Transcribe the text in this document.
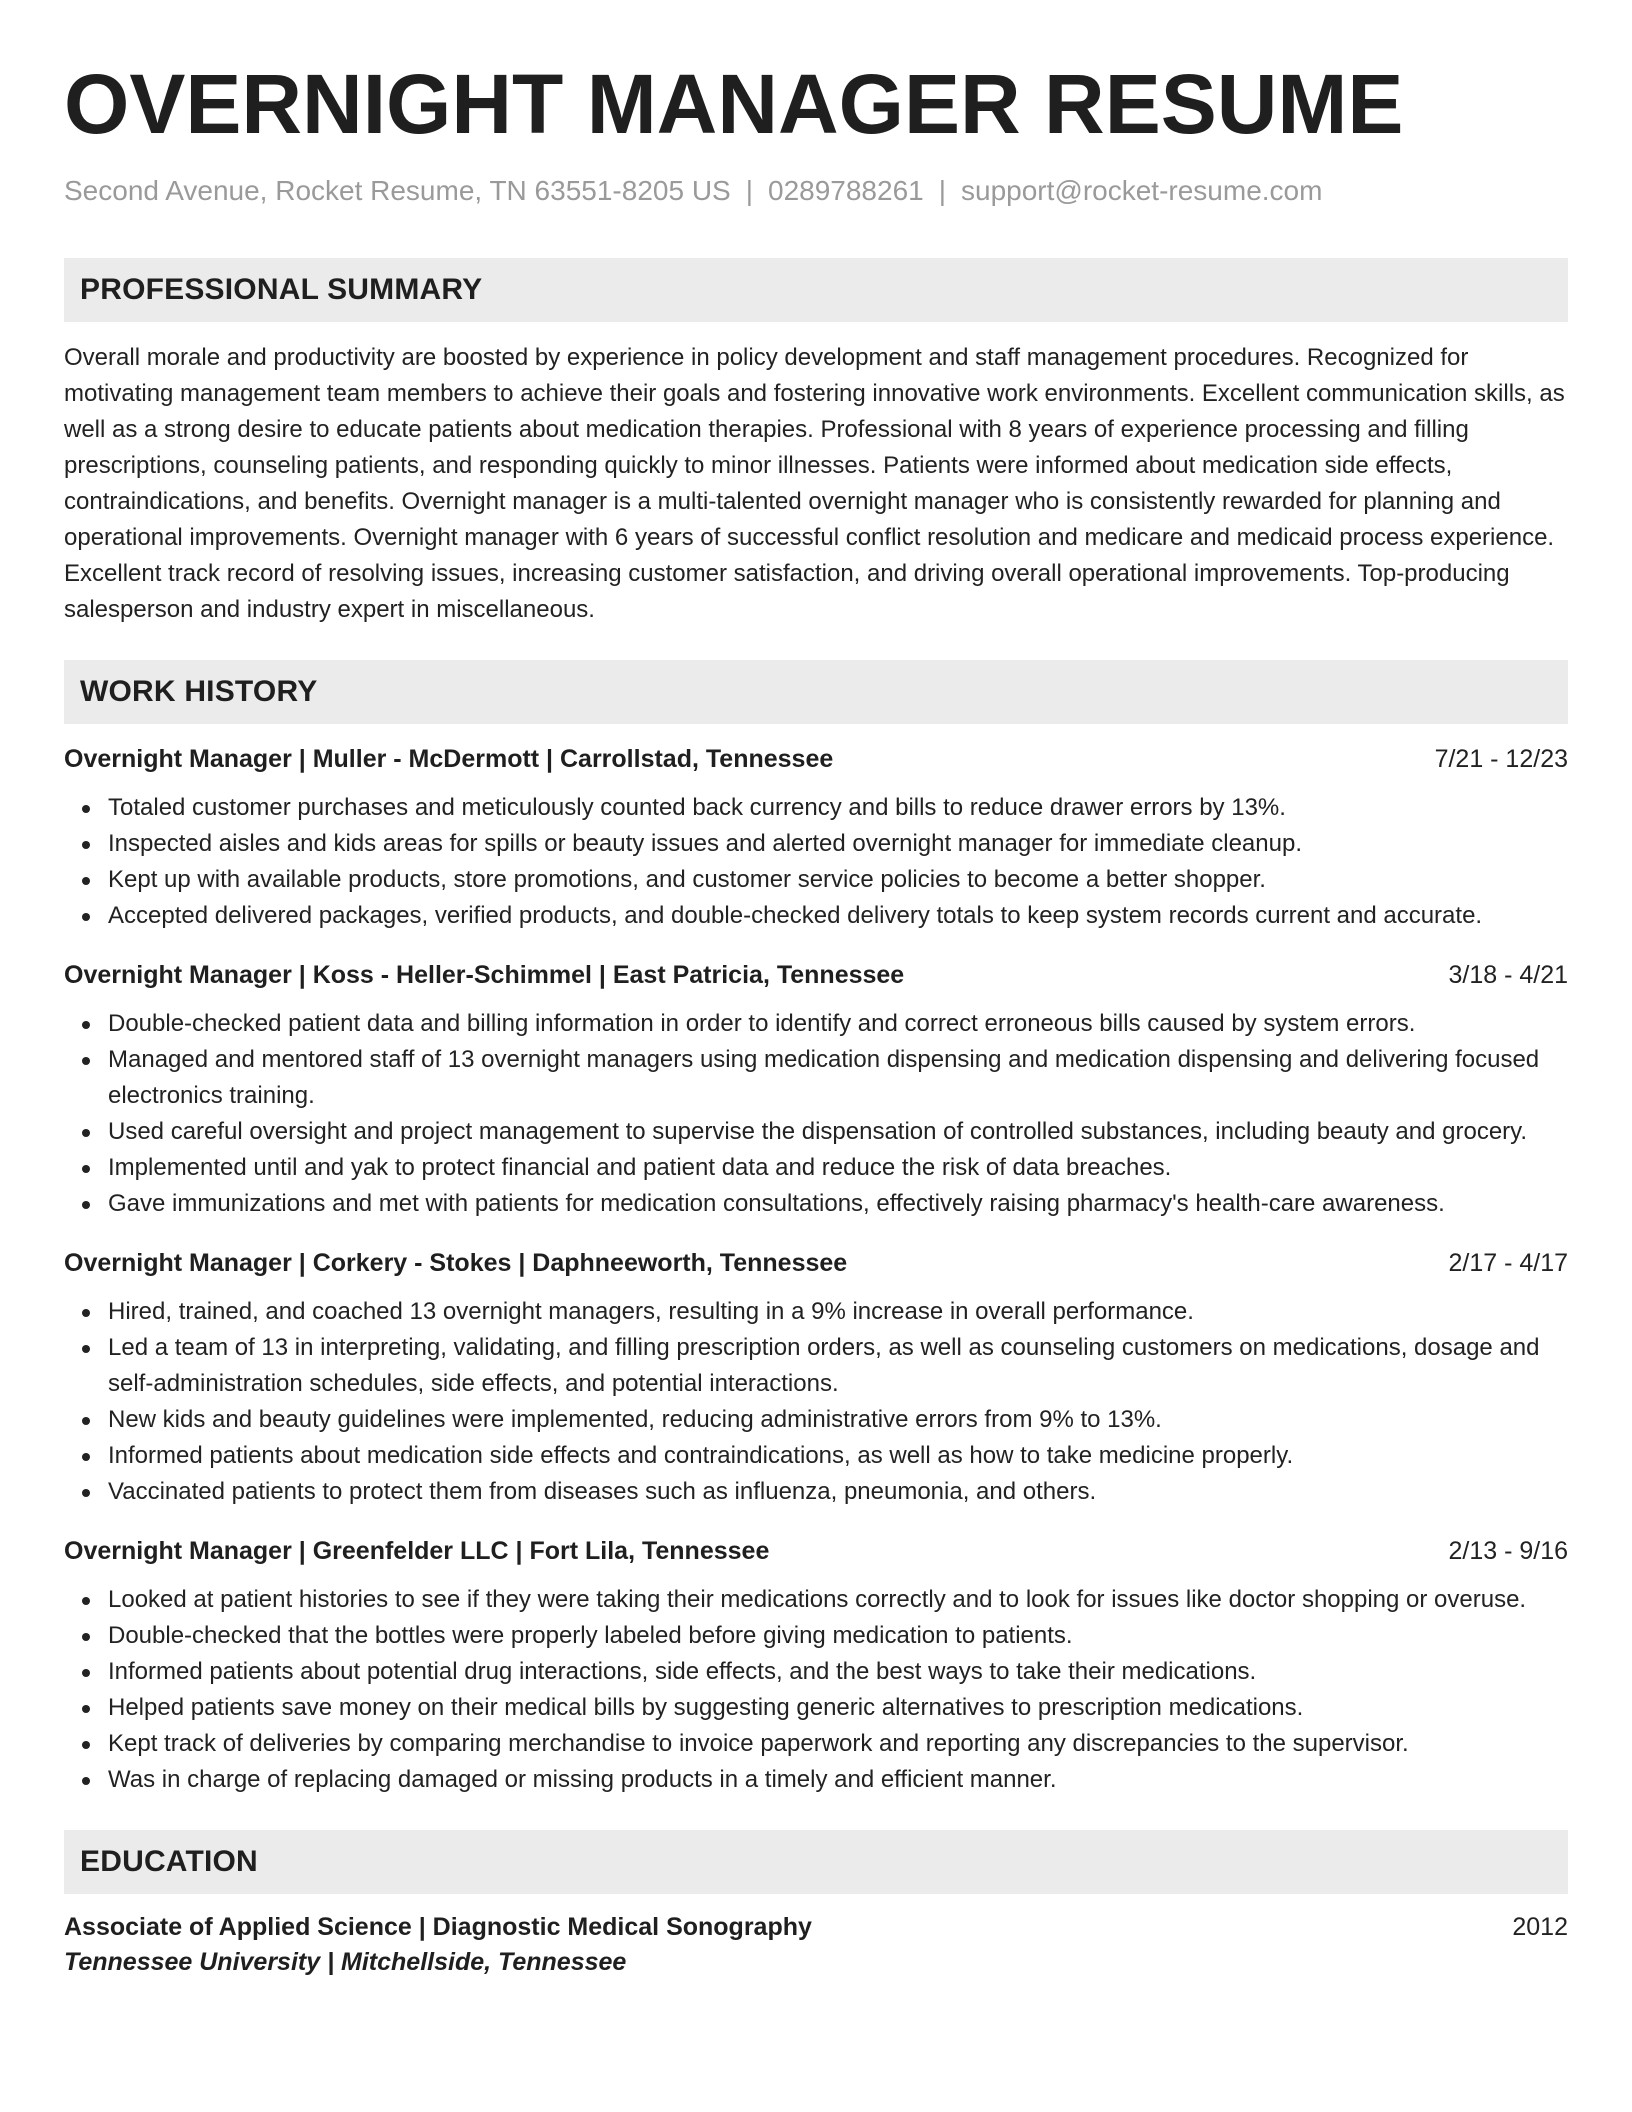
OVERNIGHT MANAGER RESUME
Second Avenue, Rocket Resume, TN 63551-8205 US | 0289788261 | support@rocket-resume.com
PROFESSIONAL SUMMARY

Overall morale and productivity are boosted by experience in policy development and staff management procedures. Recognized for motivating management team members to achieve their goals and fostering innovative work environments. Excellent communication skills, as well as a strong desire to educate patients about medication therapies. Professional with 8 years of experience processing and filling prescriptions, counseling patients, and responding quickly to minor illnesses. Patients were informed about medication side effects, contraindications, and benefits. Overnight manager is a multi-talented overnight manager who is consistently rewarded for planning and operational improvements. Overnight manager with 6 years of successful conflict resolution and medicare and medicaid process experience. Excellent track record of resolving issues, increasing customer satisfaction, and driving overall operational improvements. Top-producing salesperson and industry expert in miscellaneous.

WORK HISTORY
Overnight Manager | Muller - McDermott | Carrollstad, Tennessee	7/21 - 12/23
Totaled customer purchases and meticulously counted back currency and bills to reduce drawer errors by 13%.
Inspected aisles and kids areas for spills or beauty issues and alerted overnight manager for immediate cleanup.
Kept up with available products, store promotions, and customer service policies to become a better shopper.
Accepted delivered packages, verified products, and double-checked delivery totals to keep system records current and accurate.
Overnight Manager | Koss - Heller-Schimmel | East Patricia, Tennessee	3/18 - 4/21
Double-checked patient data and billing information in order to identify and correct erroneous bills caused by system errors.
Managed and mentored staff of 13 overnight managers using medication dispensing and medication dispensing and delivering focused electronics training.
Used careful oversight and project management to supervise the dispensation of controlled substances, including beauty and grocery.
Implemented until and yak to protect financial and patient data and reduce the risk of data breaches.
Gave immunizations and met with patients for medication consultations, effectively raising pharmacy's health-care awareness.
Overnight Manager | Corkery - Stokes | Daphneeworth, Tennessee	2/17 - 4/17
Hired, trained, and coached 13 overnight managers, resulting in a 9% increase in overall performance.
Led a team of 13 in interpreting, validating, and filling prescription orders, as well as counseling customers on medications, dosage and self-administration schedules, side effects, and potential interactions.
New kids and beauty guidelines were implemented, reducing administrative errors from 9% to 13%.
Informed patients about medication side effects and contraindications, as well as how to take medicine properly.
Vaccinated patients to protect them from diseases such as influenza, pneumonia, and others.
Overnight Manager | Greenfelder LLC | Fort Lila, Tennessee	2/13 - 9/16
Looked at patient histories to see if they were taking their medications correctly and to look for issues like doctor shopping or overuse.
Double-checked that the bottles were properly labeled before giving medication to patients.
Informed patients about potential drug interactions, side effects, and the best ways to take their medications.
Helped patients save money on their medical bills by suggesting generic alternatives to prescription medications.
Kept track of deliveries by comparing merchandise to invoice paperwork and reporting any discrepancies to the supervisor.
Was in charge of replacing damaged or missing products in a timely and efficient manner.
EDUCATION
Associate of Applied Science | Diagnostic Medical Sonography	2012
Tennessee University | Mitchellside, Tennessee
